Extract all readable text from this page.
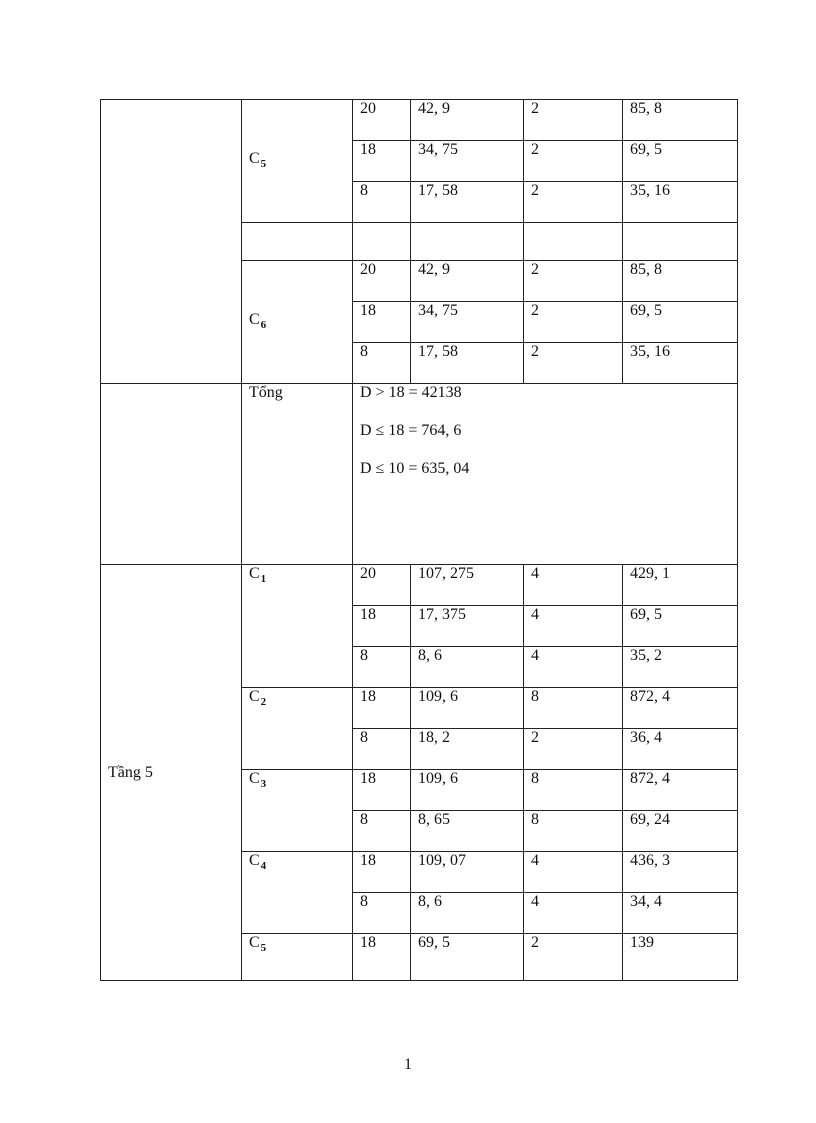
	$C_5$	20	42, 9	2	85, 8
		18	34, 75	2	69, 5
		8	17, 58	2	35, 16

	$C_6$	20	42, 9	2	85, 8
		18	34, 75	2	69, 5
		8	17, 58	2	35, 16
	Tổng	D > 18 = 42138
D ≤ 18 = 764, 6
D ≤ 10 = 635, 04			

Tầng 5	$C_1$	20	107, 275	4	429, 1
		18	17, 375	4	69, 5
		8	8, 6	4	35, 2
	$C_2$	18	109, 6	8	872, 4
		8	18, 2	2	36, 4
	$C_3$	18	109, 6	8	872, 4
		8	8, 65	8	69, 24
	$C_4$	18	109, 07	4	436, 3
		8	8, 6	4	34, 4
	$C_5$	18	69, 5	2	139
1
